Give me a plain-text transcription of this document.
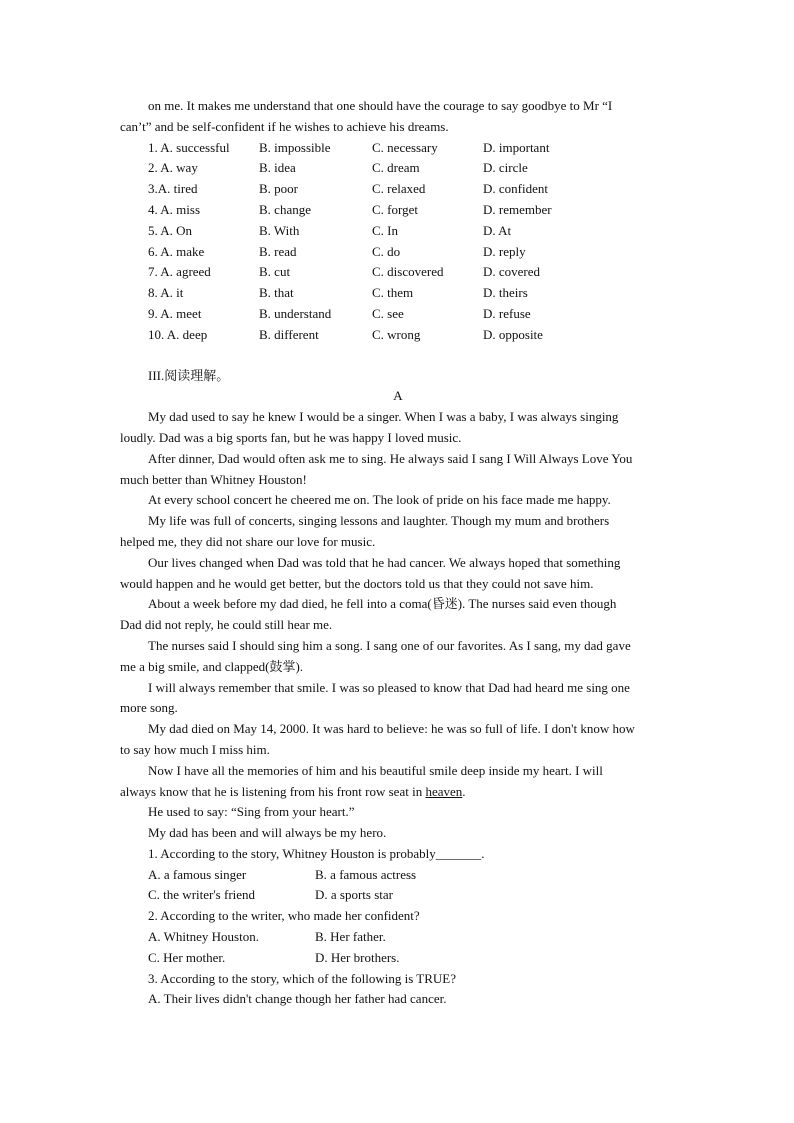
on me. It makes me understand that one should have the courage to say goodbye to Mr “I
can’t” and be self-confident if he wishes to achieve his dreams.
1. A. successful B. impossible	C. necessary	D. important
2. A. way	B. idea	C. dream	D. circle
3.A. tired	B. poor	C. relaxed	D. confident
4. A. miss	B. change	C. forget	D. remember
5. A. On	B. With	C. In	D. At
6. A. make	B. read	C. do	D. reply
7. A. agreed	B. cut	C. discovered	D. covered
8. A. it	B. that	C. them	D. theirs
9. A. meet	B. understand	C. see	D. refuse
10. A. deep	B. different	C. wrong	D. opposite
III.阅读理解。
A
My dad used to say he knew I would be a singer. When I was a baby, I was always singing
loudly. Dad was a big sports fan, but he was happy I loved music.
After dinner, Dad would often ask me to sing. He always said I sang I Will Always Love You
much better than Whitney Houston!
At every school concert he cheered me on. The look of pride on his face made me happy.
My life was full of concerts, singing lessons and laughter. Though my mum and brothers
helped me, they did not share our love for music.
Our lives changed when Dad was told that he had cancer. We always hoped that something
would happen and he would get better, but the doctors told us that they could not save him.
About a week before my dad died, he fell into a coma(昏迷). The nurses said even though
Dad did not reply, he could still hear me.
The nurses said I should sing him a song. I sang one of our favorites. As I sang, my dad gave
me a big smile, and clapped(鼓掌).
I will always remember that smile. I was so pleased to know that Dad had heard me sing one
more song.
My dad died on May 14, 2000. It was hard to believe: he was so full of life. I don't know how
to say how much I miss him.
Now I have all the memories of him and his beautiful smile deep inside my heart. I will
always know that he is listening from his front row seat in heaven.
He used to say: “Sing from your heart.”
My dad has been and will always be my hero.
1. According to the story, Whitney Houston is probably_______.
A. a famous singer	B. a famous actress
C. the writer's friend	D. a sports star
2. According to the writer, who made her confident?
A. Whitney Houston.	B. Her father.
C. Her mother.	D. Her brothers.
3. According to the story, which of the following is TRUE?
A. Their lives didn't change though her father had cancer.
